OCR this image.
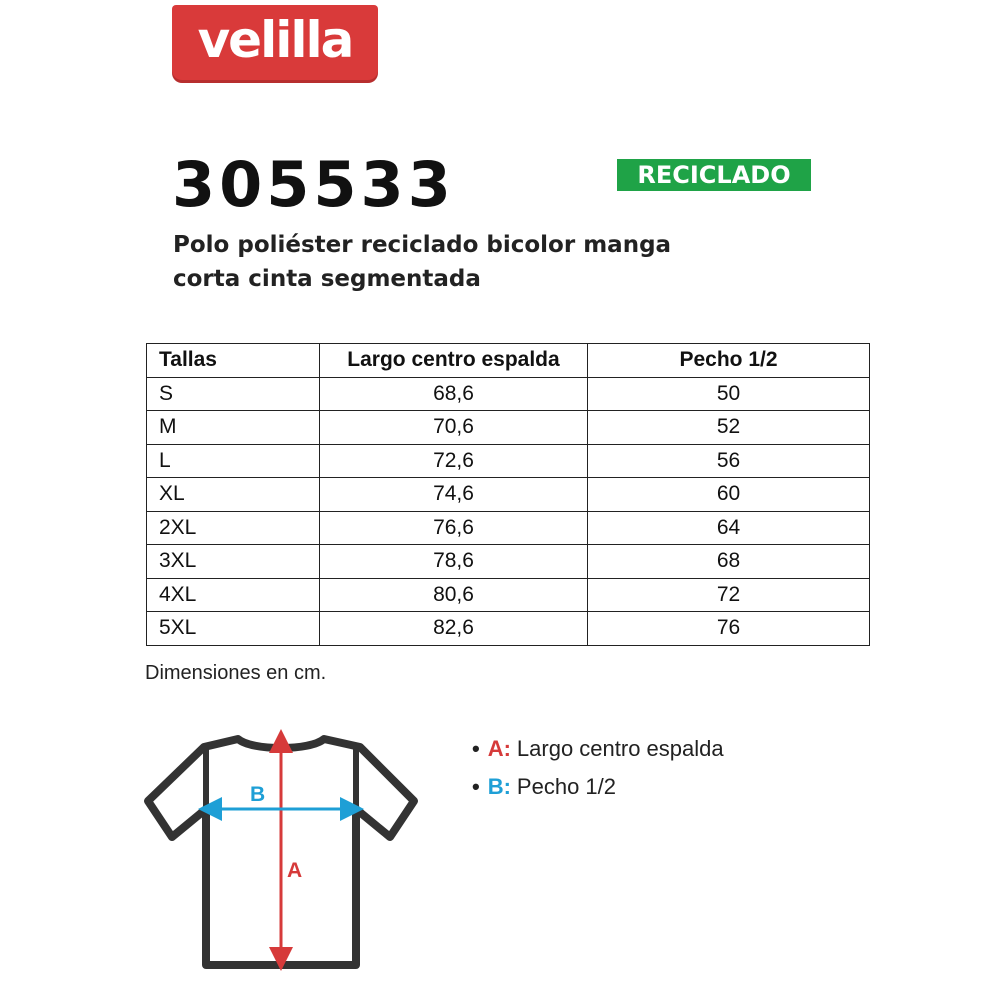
velilla
305533	RECICLADO
Polo poliéster reciclado bicolor manga corta cinta segmentada
Tallas	Largo centro espalda	Pecho 1/2
S	68,6	50
M	70,6	52
L	72,6	56
XL	74,6	60
2XL	76,6	64
3XL	78,6	68
4XL	80,6	72
5XL	82,6	76
Dimensiones en cm.
B
A
• A: Largo centro espalda
• B: Pecho 1/2
